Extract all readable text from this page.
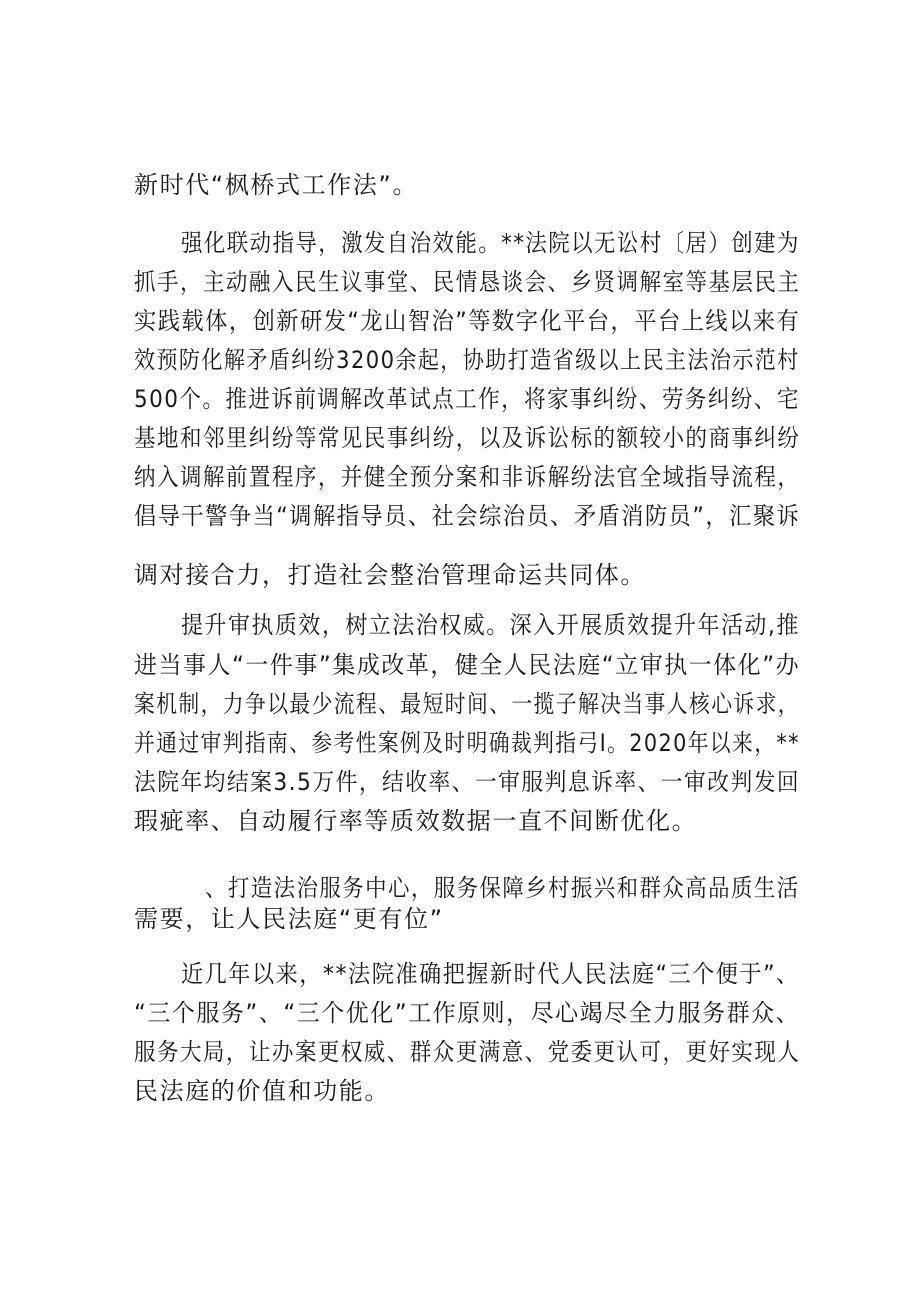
新时代“枫桥式工作法”。
强化联动指导，激发自治效能。**法院以无讼村〔居）创建为
抓手，主动融入民生议事堂、民情恳谈会、乡贤调解室等基层民主
实践载体，创新研发“龙山智治”等数字化平台，平台上线以来有
效预防化解矛盾纠纷3200余起，协助打造省级以上民主法治示范村
500个。推进诉前调解改革试点工作，将家事纠纷、劳务纠纷、宅
基地和邻里纠纷等常见民事纠纷，以及诉讼标的额较小的商事纠纷
纳入调解前置程序，并健全预分案和非诉解纷法官全域指导流程，
倡导干警争当“调解指导员、社会综治员、矛盾消防员”，汇聚诉
调对接合力，打造社会整治管理命运共同体。
提升审执质效，树立法治权威。深入开展质效提升年活动,推
进当事人“一件事”集成改革，健全人民法庭“立审执一体化”办
案机制，力争以最少流程、最短时间、一揽子解决当事人核心诉求，
并通过审判指南、参考性案例及时明确裁判指弓I。2020年以来，**
法院年均结案3.5万件，结收率、一审服判息诉率、一审改判发回
瑕疵率、自动履行率等质效数据一直不间断优化。
、打造法治服务中心，服务保障乡村振兴和群众高品质生活
需要，让人民法庭“更有位”
近几年以来，**法院准确把握新时代人民法庭“三个便于”、
“三个服务”、“三个优化”工作原则，尽心竭尽全力服务群众、
服务大局，让办案更权威、群众更满意、党委更认可，更好实现人
民法庭的价值和功能。
